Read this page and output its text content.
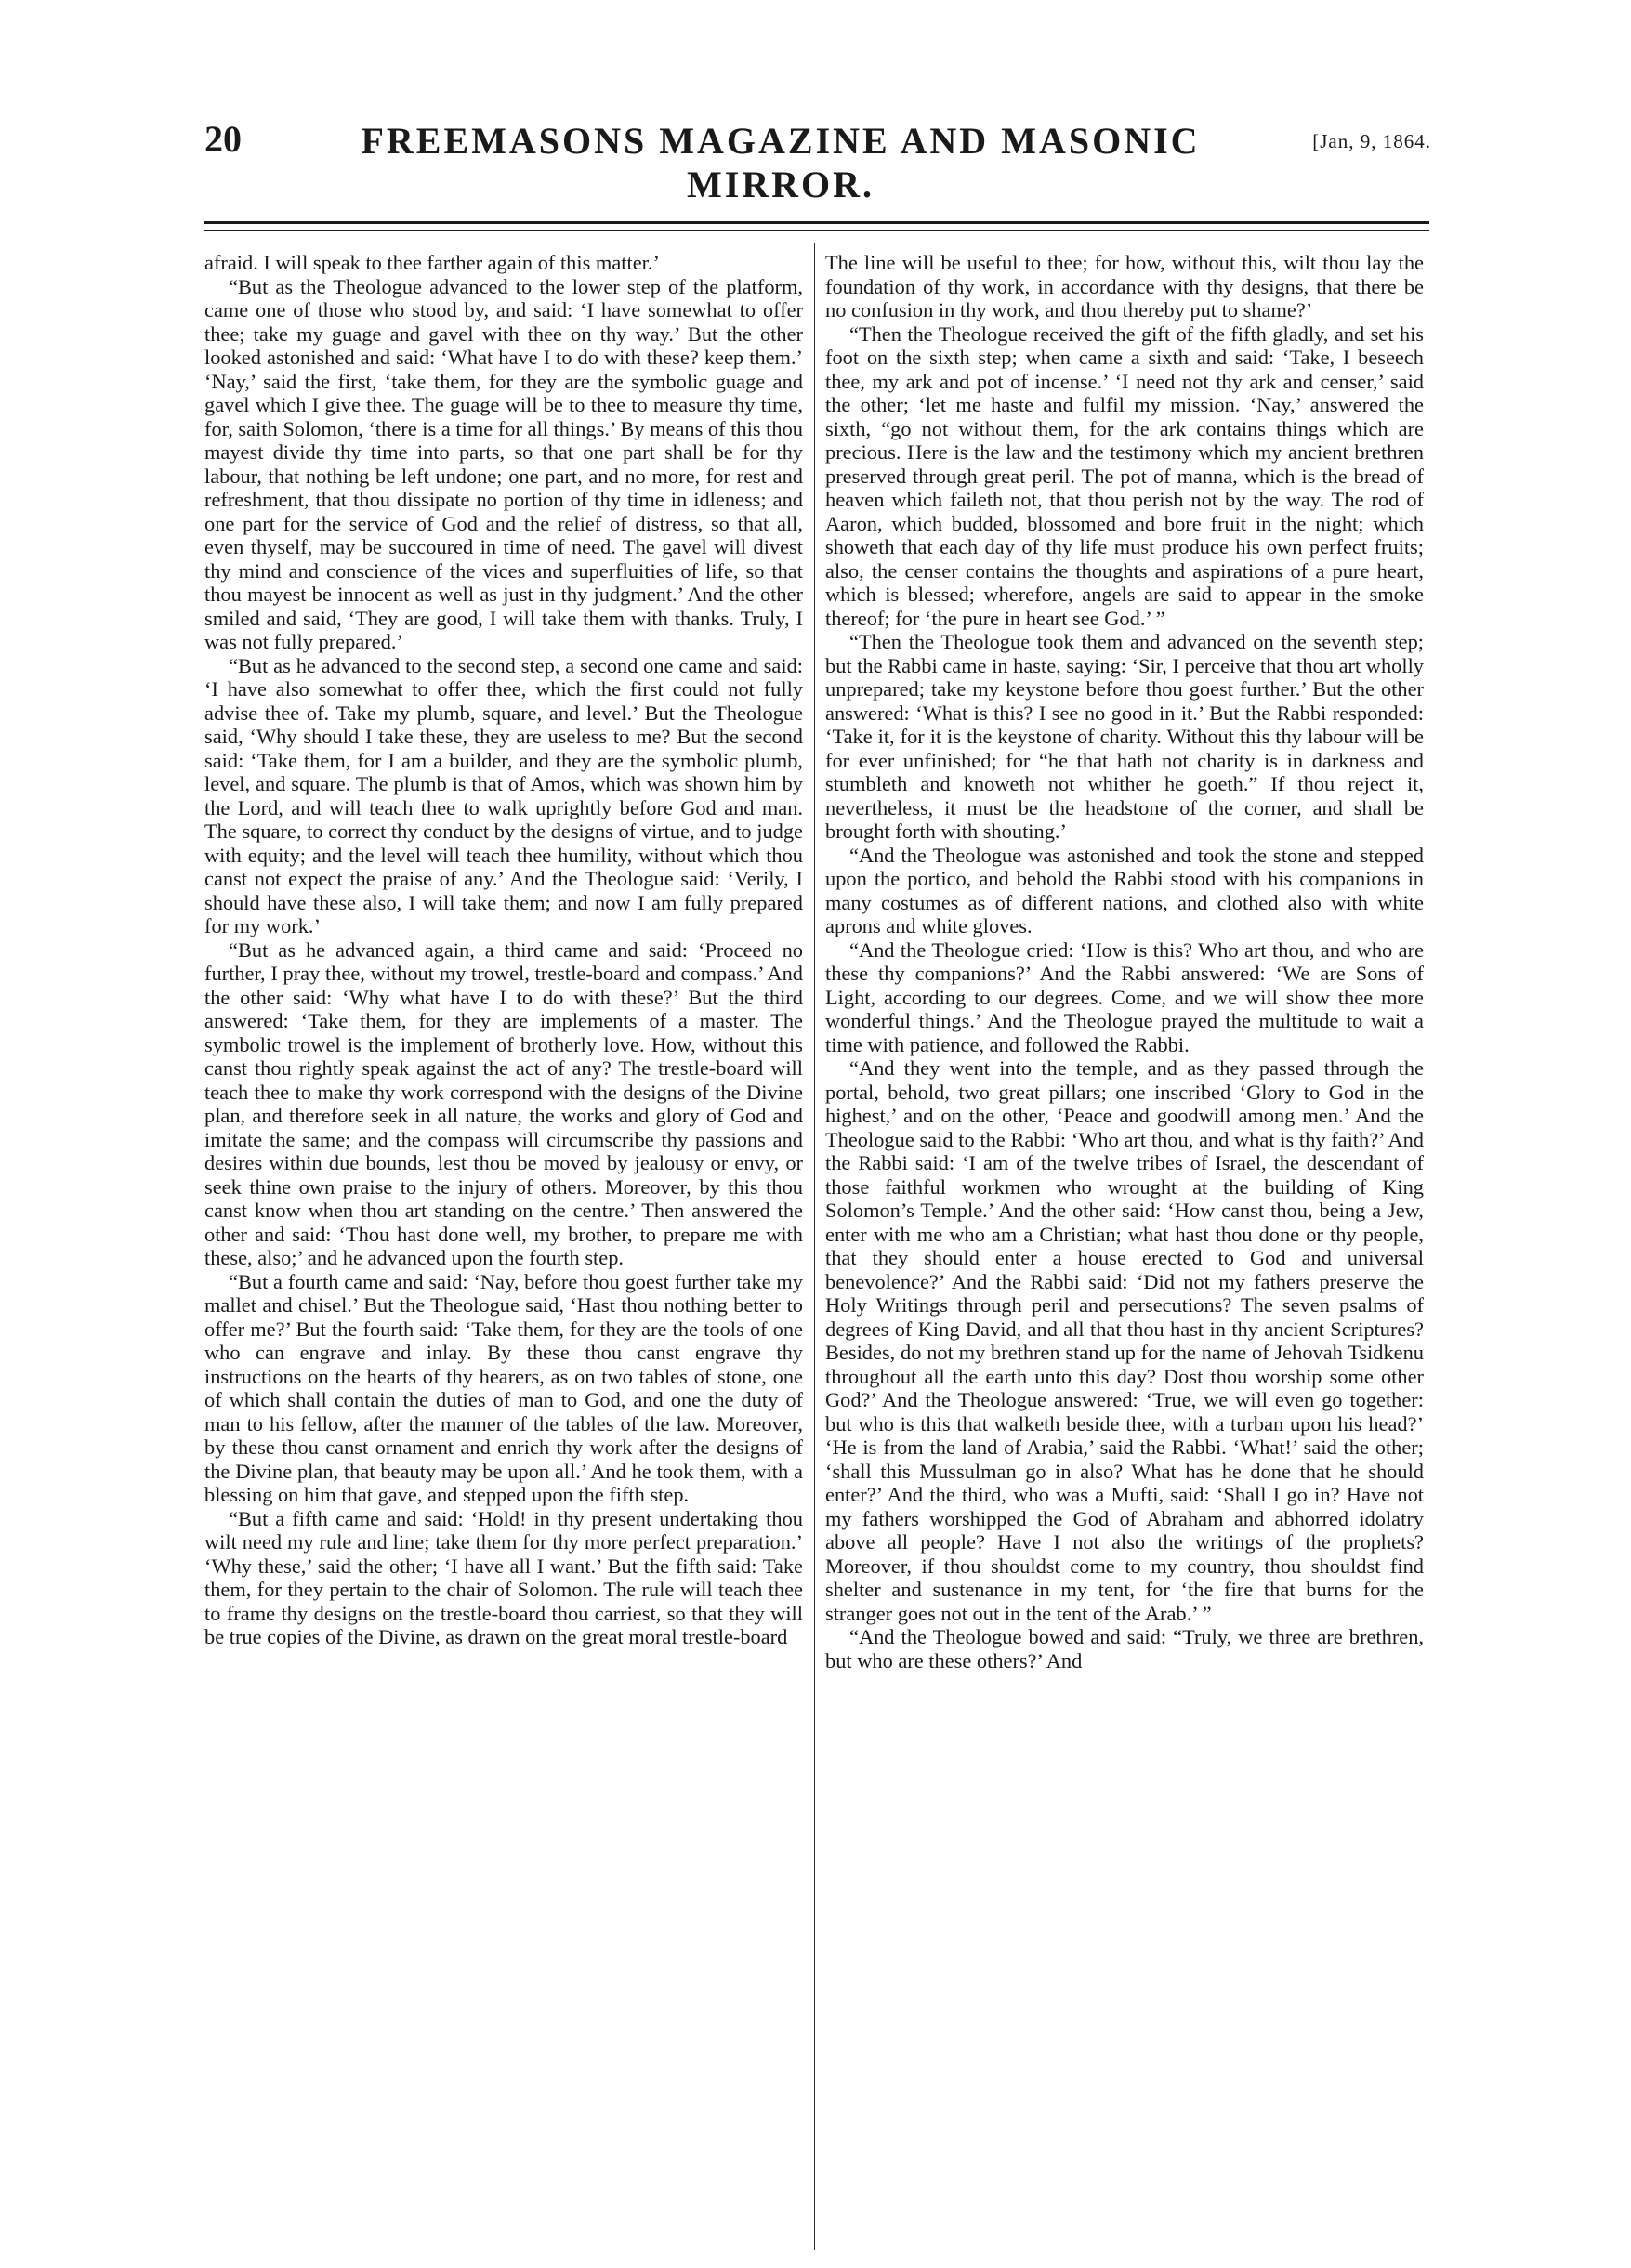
20	FREEMASONS MAGAZINE AND MASONIC MIRROR.
[Jan, 9, 1864.

afraid. I will speak to thee farther again of this matter.’

“But as the Theologue advanced to the lower step of the platform, came one of those who stood by, and said: ‘I have somewhat to offer thee; take my guage and gavel with thee on thy way.’ But the other looked astonished and said: ‘What have I to do with these? keep them.’ ‘Nay,’ said the first, ‘take them, for they are the symbolic guage and gavel which I give thee. The guage will be to thee to measure thy time, for, saith Solomon, ‘there is a time for all things.’ By means of this thou mayest divide thy time into parts, so that one part shall be for thy labour, that nothing be left undone; one part, and no more, for rest and refreshment, that thou dissipate no portion of thy time in idleness; and one part for the service of God and the relief of distress, so that all, even thyself, may be succoured in time of need. The gavel will divest thy mind and conscience of the vices and superfluities of life, so that thou mayest be innocent as well as just in thy judgment.’ And the other smiled and said, ‘They are good, I will take them with thanks. Truly, I was not fully prepared.’

“But as he advanced to the second step, a second one came and said: ‘I have also somewhat to offer thee, which the first could not fully advise thee of. Take my plumb, square, and level.’ But the Theologue said, ‘Why should I take these, they are useless to me? But the second said: ‘Take them, for I am a builder, and they are the symbolic plumb, level, and square. The plumb is that of Amos, which was shown him by the Lord, and will teach thee to walk uprightly before God and man. The square, to correct thy conduct by the designs of virtue, and to judge with equity; and the level will teach thee humility, without which thou canst not expect the praise of any.’ And the Theologue said: ‘Verily, I should have these also, I will take them; and now I am fully prepared for my work.’

“But as he advanced again, a third came and said: ‘Proceed no further, I pray thee, without my trowel, trestle-board and compass.’ And the other said: ‘Why what have I to do with these?’ But the third answered: ‘Take them, for they are implements of a master. The symbolic trowel is the implement of brotherly love. How, without this canst thou rightly speak against the act of any? The trestle-board will teach thee to make thy work correspond with the designs of the Divine plan, and therefore seek in all nature, the works and glory of God and imitate the same; and the compass will circumscribe thy passions and desires within due bounds, lest thou be moved by jealousy or envy, or seek thine own praise to the injury of others. Moreover, by this thou canst know when thou art standing on the centre.’ Then answered the other and said: ‘Thou hast done well, my brother, to prepare me with these, also;’ and he advanced upon the fourth step.

“But a fourth came and said: ‘Nay, before thou goest further take my mallet and chisel.’ But the Theologue said, ‘Hast thou nothing better to offer me?’ But the fourth said: ‘Take them, for they are the tools of one who can engrave and inlay. By these thou canst engrave thy instructions on the hearts of thy hearers, as on two tables of stone, one of which shall contain the duties of man to God, and one the duty of man to his fellow, after the manner of the tables of the law. Moreover, by these thou canst ornament and enrich thy work after the designs of the Divine plan, that beauty may be upon all.’ And he took them, with a blessing on him that gave, and stepped upon the fifth step.

“But a fifth came and said: ‘Hold! in thy present undertaking thou wilt need my rule and line; take them for thy more perfect preparation.’ ‘Why these,’ said the other; ‘I have all I want.’ But the fifth said: Take them, for they pertain to the chair of Solomon. The rule will teach thee to frame thy designs on the trestle-board thou carriest, so that they will be true copies of the Divine, as drawn on the great moral trestle-board

The line will be useful to thee; for how, without this, wilt thou lay the foundation of thy work, in accordance with thy designs, that there be no confusion in thy work, and thou thereby put to shame?’

“Then the Theologue received the gift of the fifth gladly, and set his foot on the sixth step; when came a sixth and said: ‘Take, I beseech thee, my ark and pot of incense.’ ‘I need not thy ark and censer,’ said the other; ‘let me haste and fulfil my mission. ‘Nay,’ answered the sixth, “go not without them, for the ark contains things which are precious. Here is the law and the testimony which my ancient brethren preserved through great peril. The pot of manna, which is the bread of heaven which faileth not, that thou perish not by the way. The rod of Aaron, which budded, blossomed and bore fruit in the night; which showeth that each day of thy life must produce his own perfect fruits; also, the censer contains the thoughts and aspirations of a pure heart, which is blessed; wherefore, angels are said to appear in the smoke thereof; for ‘the pure in heart see God.’ ”

“Then the Theologue took them and advanced on the seventh step; but the Rabbi came in haste, saying: ‘Sir, I perceive that thou art wholly unprepared; take my keystone before thou goest further.’ But the other answered: ‘What is this? I see no good in it.’ But the Rabbi responded: ‘Take it, for it is the keystone of charity. Without this thy labour will be for ever unfinished; for “he that hath not charity is in darkness and stumbleth and knoweth not whither he goeth.” If thou reject it, nevertheless, it must be the headstone of the corner, and shall be brought forth with shouting.’

“And the Theologue was astonished and took the stone and stepped upon the portico, and behold the Rabbi stood with his companions in many costumes as of different nations, and clothed also with white aprons and white gloves.

“And the Theologue cried: ‘How is this? Who art thou, and who are these thy companions?’ And the Rabbi answered: ‘We are Sons of Light, according to our degrees. Come, and we will show thee more wonderful things.’ And the Theologue prayed the multitude to wait a time with patience, and followed the Rabbi.

“And they went into the temple, and as they passed through the portal, behold, two great pillars; one inscribed ‘Glory to God in the highest,’ and on the other, ‘Peace and goodwill among men.’ And the Theologue said to the Rabbi: ‘Who art thou, and what is thy faith?’ And the Rabbi said: ‘I am of the twelve tribes of Israel, the descendant of those faithful workmen who wrought at the building of King Solomon’s Temple.’ And the other said: ‘How canst thou, being a Jew, enter with me who am a Christian; what hast thou done or thy people, that they should enter a house erected to God and universal benevolence?’ And the Rabbi said: ‘Did not my fathers preserve the Holy Writings through peril and persecutions? The seven psalms of degrees of King David, and all that thou hast in thy ancient Scriptures? Besides, do not my brethren stand up for the name of Jehovah Tsidkenu throughout all the earth unto this day? Dost thou worship some other God?’ And the Theologue answered: ‘True, we will even go together: but who is this that walketh beside thee, with a turban upon his head?’ ‘He is from the land of Arabia,’ said the Rabbi. ‘What!’ said the other; ‘shall this Mussulman go in also? What has he done that he should enter?’ And the third, who was a Mufti, said: ‘Shall I go in? Have not my fathers worshipped the God of Abraham and abhorred idolatry above all people? Have I not also the writings of the prophets? Moreover, if thou shouldst come to my country, thou shouldst find shelter and sustenance in my tent, for ‘the fire that burns for the stranger goes not out in the tent of the Arab.’ ”

“And the Theologue bowed and said: “Truly, we three are brethren, but who are these others?’ And
